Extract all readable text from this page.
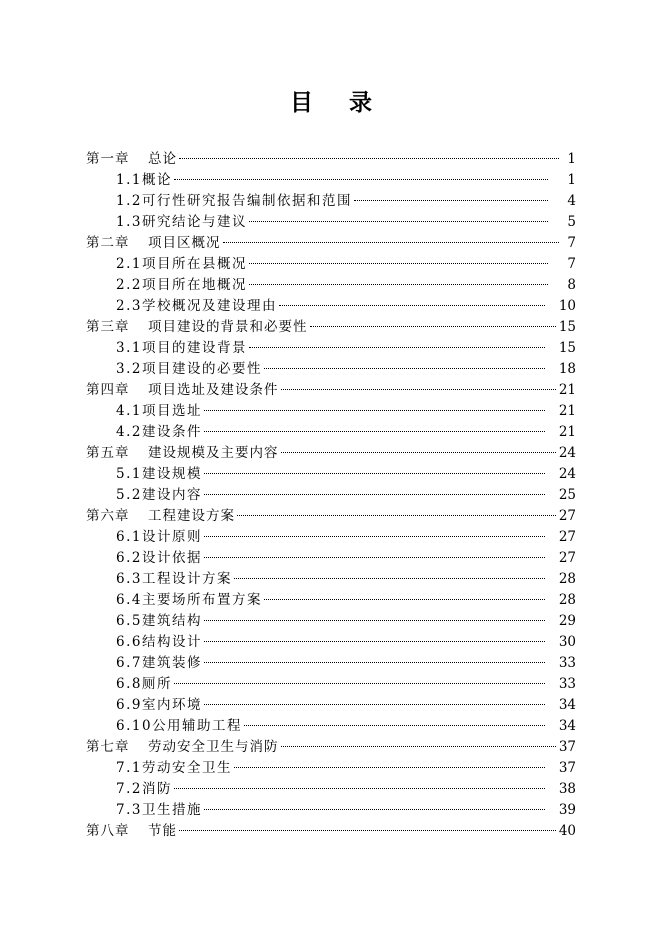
目 录
第一章 总论	1
1.1概论	1
1.2可行性研究报告编制依据和范围	4
1.3研究结论与建议	5
第二章 项目区概况	7
2.1项目所在县概况	7
2.2项目所在地概况	8
2.3学校概况及建设理由	10
第三章 项目建设的背景和必要性	15
3.1项目的建设背景	15
3.2项目建设的必要性	18
第四章 项目选址及建设条件	21
4.1项目选址	21
4.2建设条件	21
第五章 建设规模及主要内容	24
5.1建设规模	24
5.2建设内容	25
第六章 工程建设方案	27
6.1设计原则	27
6.2设计依据	27
6.3工程设计方案	28
6.4主要场所布置方案	28
6.5建筑结构	29
6.6结构设计	30
6.7建筑装修	33
6.8厕所	33
6.9室内环境	34
6.10公用辅助工程	34
第七章 劳动安全卫生与消防	37
7.1劳动安全卫生	37
7.2消防	38
7.3卫生措施	39
第八章 节能	40
